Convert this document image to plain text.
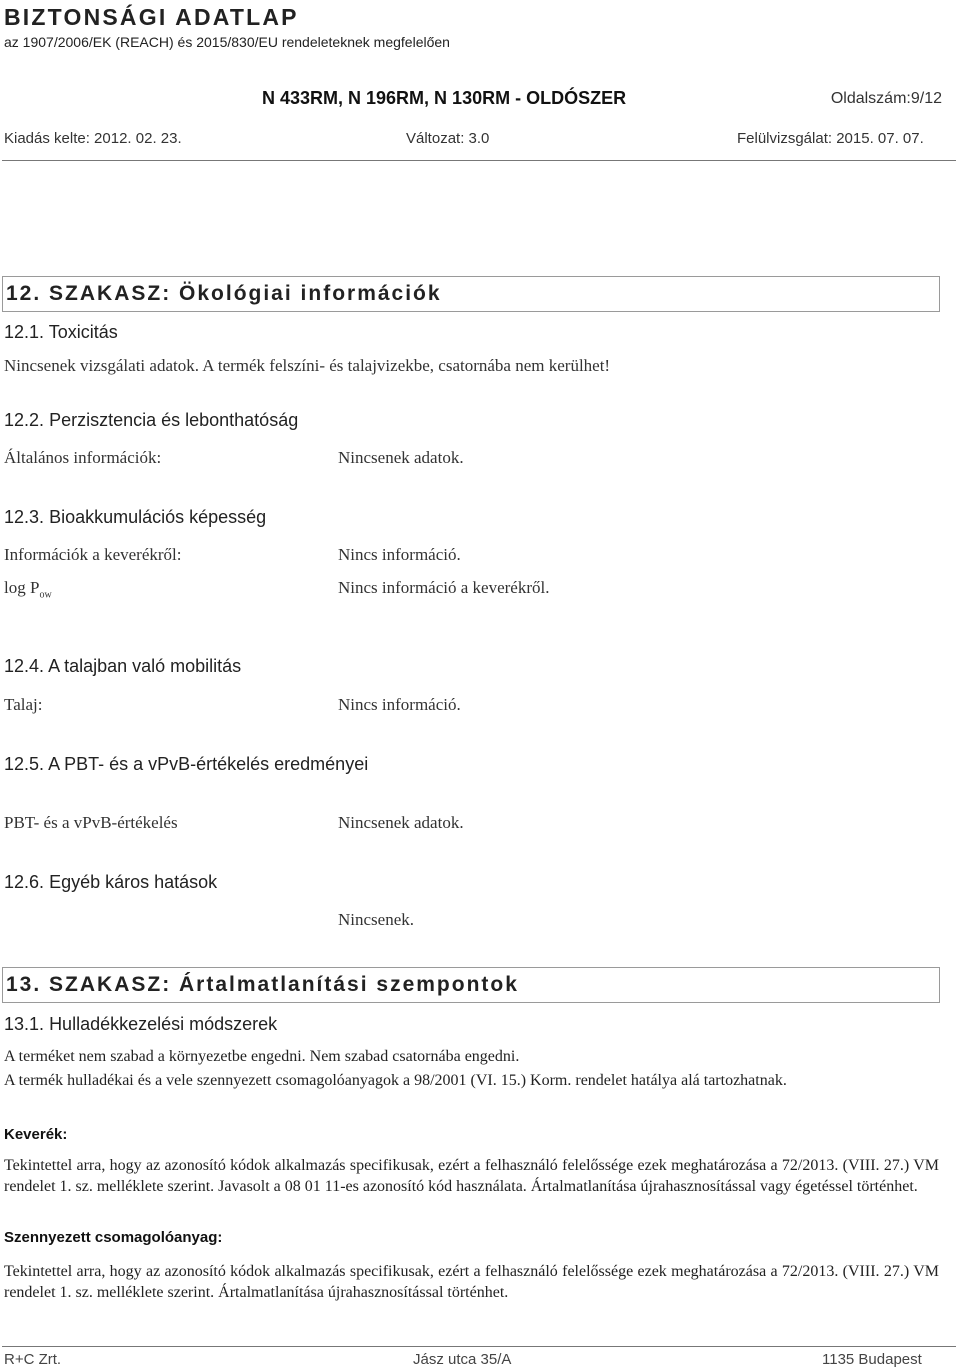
BIZTONSÁGI ADATLAP
az 1907/2006/EK (REACH) és 2015/830/EU rendeleteknek megfelelően
N 433RM, N 196RM, N 130RM - OLDÓSZER	Oldalszám:9/12
Kiadás kelte: 2012. 02. 23.	Változat: 3.0	Felülvizsgálat: 2015. 07. 07.
12. SZAKASZ: Ökológiai információk
12.1. Toxicitás
Nincsenek vizsgálati adatok. A termék felszíni- és talajvizekbe, csatornába nem kerülhet!
12.2. Perzisztencia és lebonthatóság
Általános információk:	Nincsenek adatok.
12.3. Bioakkumulációs képesség
Információk a keverékről:	Nincs információ.
$\log P_{ow}$	Nincs információ a keverékről.
12.4. A talajban való mobilitás
Talaj:	Nincs információ.
12.5. A PBT- és a vPvB-értékelés eredményei
PBT- és a vPvB-értékelés	Nincsenek adatok.
12.6. Egyéb káros hatások
Nincsenek.
13. SZAKASZ: Ártalmatlanítási szempontok
13.1. Hulladékkezelési módszerek
A terméket nem szabad a környezetbe engedni. Nem szabad csatornába engedni.
A termék hulladékai és a vele szennyezett csomagolóanyagok a 98/2001 (VI. 15.) Korm. rendelet hatálya alá tartozhatnak.
Keverék:
Tekintettel arra, hogy az azonosító kódok alkalmazás specifikusak, ezért a felhasználó felelőssége ezek meghatározása a 72/2013. (VIII. 27.) VM rendelet 1. sz. melléklete szerint. Javasolt a 08 01 11-es azonosító kód használata. Ártalmatlanítása újrahasznosítással vagy égetéssel történhet.
Szennyezett csomagolóanyag:
Tekintettel arra, hogy az azonosító kódok alkalmazás specifikusak, ezért a felhasználó felelőssége ezek meghatározása a 72/2013. (VIII. 27.) VM rendelet 1. sz. melléklete szerint. Ártalmatlanítása újrahasznosítással történhet.
R+C Zrt.	Jász utca 35/A	1135 Budapest
